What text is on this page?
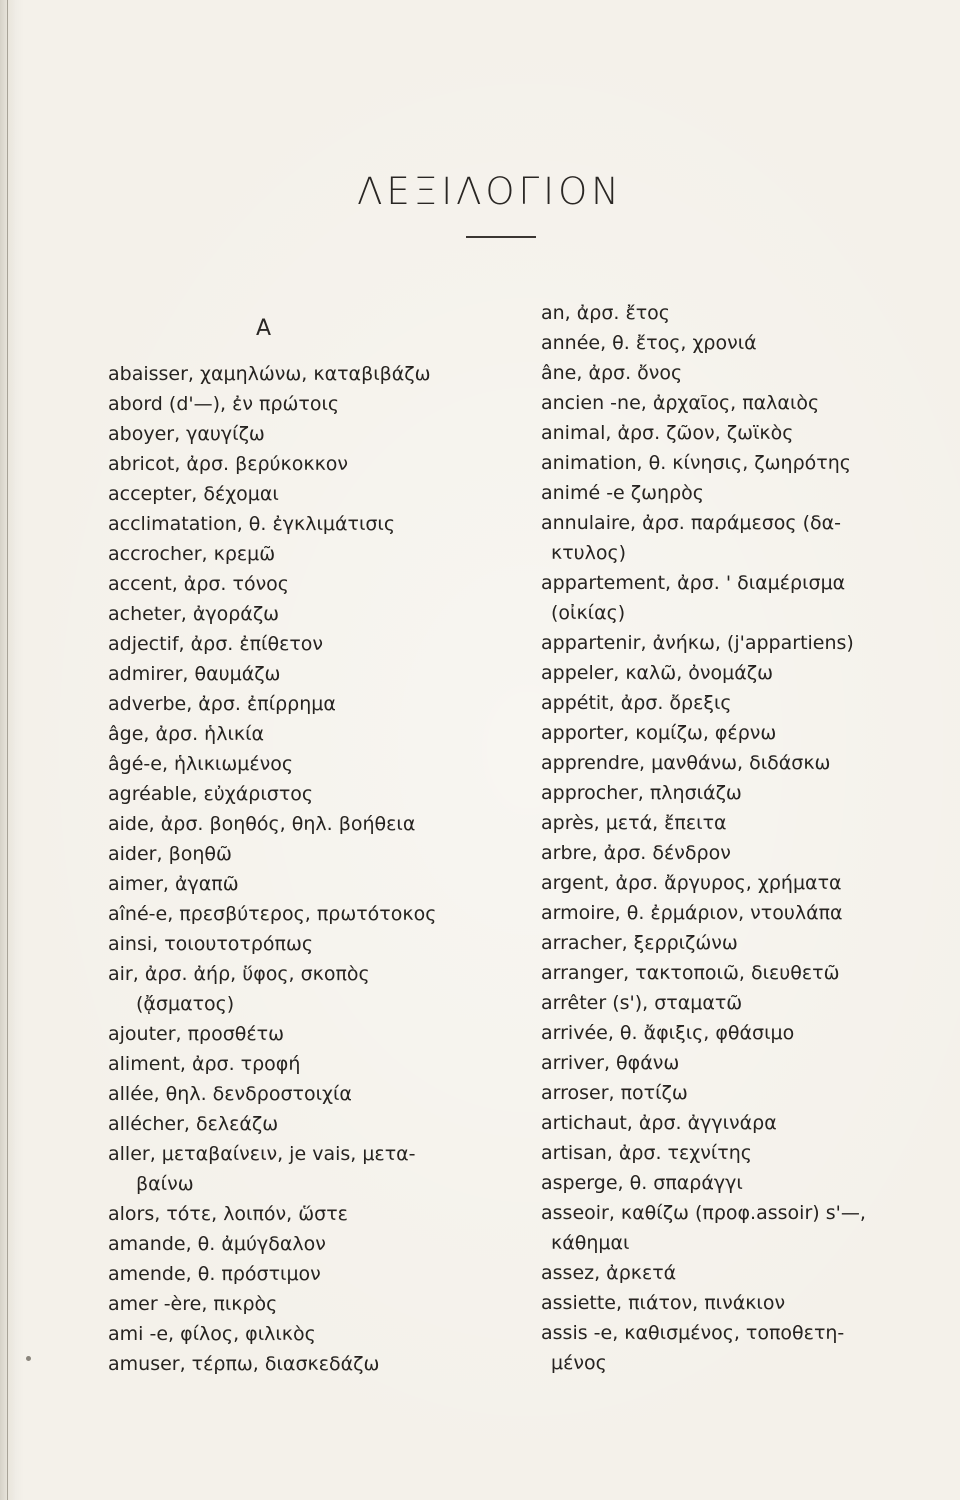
ΛΕΞΙΛΟΓΙΟΝ
A
abaisser, χαμηλώνω, καταβιβάζω
abord (d'—), ἐν πρώτοις
aboyer, γαυγίζω
abricot, ἀρσ. βερύκοκκον
accepter, δέχομαι
acclimatation, θ. ἐγκλιμάτισις
accrocher, κρεμῶ
accent, ἀρσ. τόνος
acheter, ἀγοράζω
adjectif, ἀρσ. ἐπίθετον
admirer, θαυμάζω
adverbe, ἀρσ. ἐπίρρημα
âge, ἀρσ. ἡλικία
âgé-e, ἡλικιωμένος
agréable, εὐχάριστος
aide, ἀρσ. βοηθός, θηλ. βοήθεια
aider, βοηθῶ
aimer, ἀγαπῶ
aîné-e, πρεσβύτερος, πρωτότοκος
ainsi, τοιουτοτρόπως
air, ἀρσ. ἀήρ, ὕφος, σκοπὸς
(ᾄσματος)
ajouter, προσθέτω
aliment, ἀρσ. τροφή
allée, θηλ. δενδροστοιχία
allécher, δελεάζω
aller, μεταβαίνειν, je vais, μετα-
βαίνω
alors, τότε, λοιπόν, ὥστε
amande, θ. ἀμύγδαλον
amende, θ. πρόστιμον
amer -ère, πικρὸς
ami -e, φίλος, φιλικὸς
amuser, τέρπω, διασκεδάζω
an, ἀρσ. ἔτος
année, θ. ἔτος, χρονιά
âne, ἀρσ. ὄνος
ancien -ne, ἀρχαῖος, παλαιὸς
animal, ἀρσ. ζῶον, ζωϊκὸς
animation, θ. κίνησις, ζωηρότης
animé -e ζωηρὸς
annulaire, ἀρσ. παράμεσος (δα-
κτυλος)
appartement, ἀρσ. ' διαμέρισμα
(οἰκίας)
appartenir, ἀνήκω, (j'appartiens)
appeler, καλῶ, ὀνομάζω
appétit, ἀρσ. ὄρεξις
apporter, κομίζω, φέρνω
apprendre, μανθάνω, διδάσκω
approcher, πλησιάζω
après, μετά, ἔπειτα
arbre, ἀρσ. δένδρον
argent, ἀρσ. ἄργυρος, χρήματα
armoire, θ. ἐρμάριον, ντουλάπα
arracher, ξερριζώνω
arranger, τακτοποιῶ, διευθετῶ
arrêter (s'), σταματῶ
arrivée, θ. ἄφιξις, φθάσιμο
arriver, θφάνω
arroser, ποτίζω
artichaut, ἀρσ. ἀγγινάρα
artisan, ἀρσ. τεχνίτης
asperge, θ. σπαράγγι
asseoir, καθίζω (προφ.assoir) s'—,
κάθημαι
assez, ἀρκετά
assiette, πιάτον, πινάκιον
assis -e, καθισμένος, τοποθετη-
μένος
